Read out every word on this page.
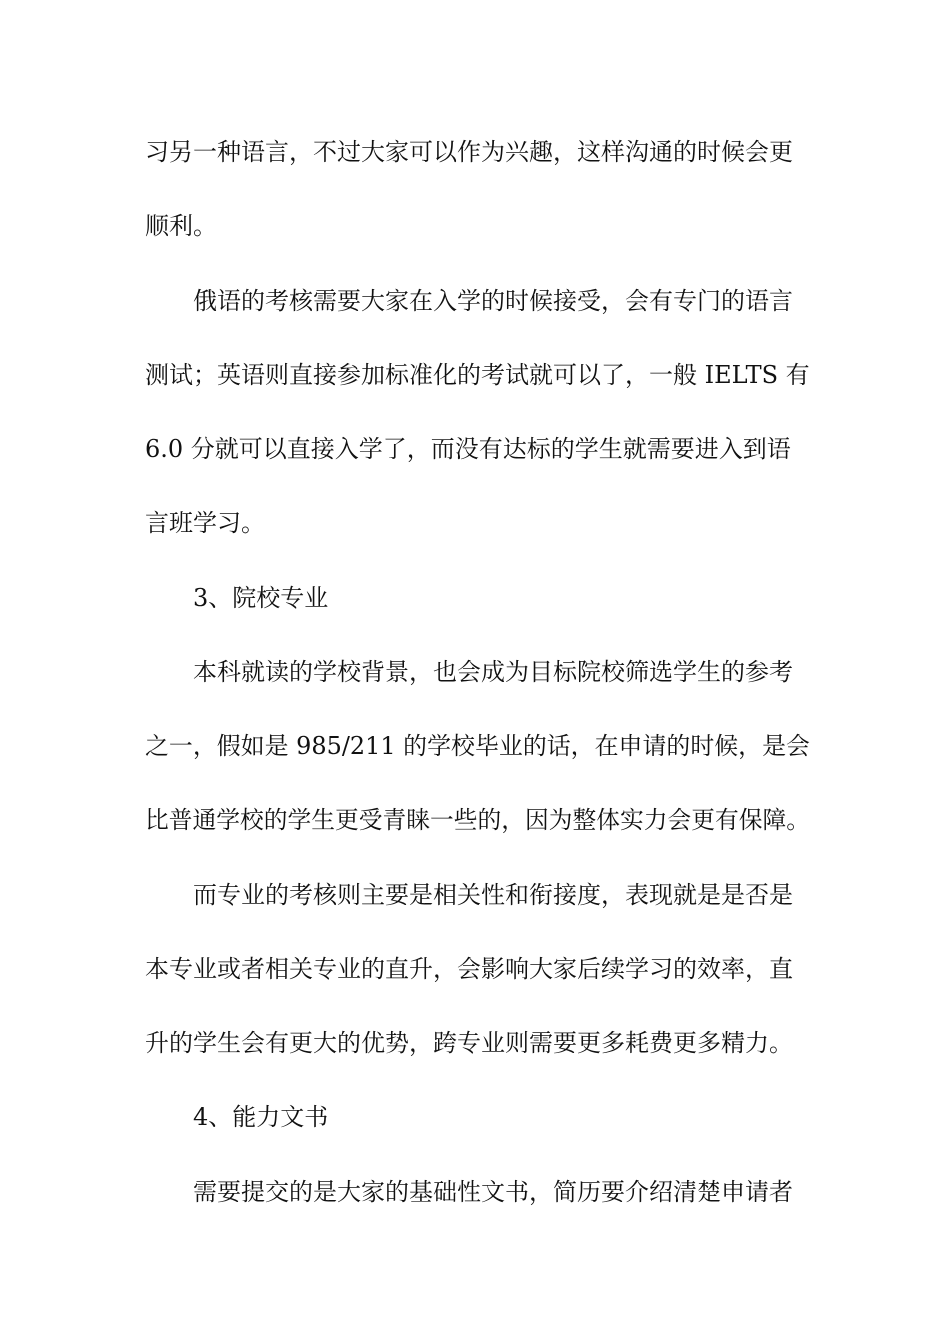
习另一种语言，不过大家可以作为兴趣，这样沟通的时候会更
顺利。
俄语的考核需要大家在入学的时候接受，会有专门的语言
测试；英语则直接参加标准化的考试就可以了，一般 IELTS 有
6.0 分就可以直接入学了，而没有达标的学生就需要进入到语
言班学习。
3、院校专业
本科就读的学校背景，也会成为目标院校筛选学生的参考
之一，假如是 985/211 的学校毕业的话，在申请的时候，是会
比普通学校的学生更受青睐一些的，因为整体实力会更有保障。
而专业的考核则主要是相关性和衔接度，表现就是是否是
本专业或者相关专业的直升，会影响大家后续学习的效率，直
升的学生会有更大的优势，跨专业则需要更多耗费更多精力。
4、能力文书
需要提交的是大家的基础性文书，简历要介绍清楚申请者
